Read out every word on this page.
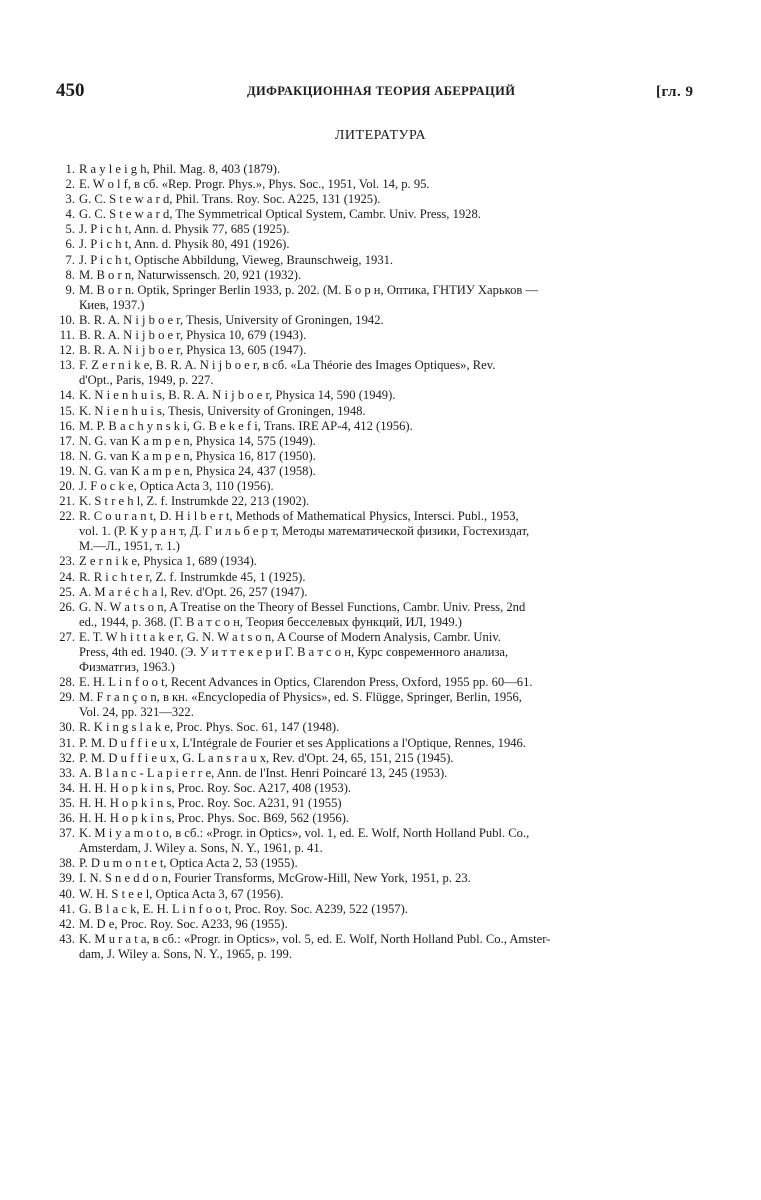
450	ДИФРАКЦИОННАЯ ТЕОРИЯ АБЕРРАЦИЙ	[гл. 9
ЛИТЕРАТУРА
1. R a y l e i g h, Phil. Mag. 8, 403 (1879).
2. E. W o l f, в сб. «Rep. Progr. Phys.», Phys. Soc., 1951, Vol. 14, p. 95.
3. G. C. S t e w a r d, Phil. Trans. Roy. Soc. A225, 131 (1925).
4. G. C. S t e w a r d, The Symmetrical Optical System, Cambr. Univ. Press, 1928.
5. J. P i c h t, Ann. d. Physik 77, 685 (1925).
6. J. P i c h t, Ann. d. Physik 80, 491 (1926).
7. J. P i c h t, Optische Abbildung, Vieweg, Braunschweig, 1931.
8. M. B o r n, Naturwissensch. 20, 921 (1932).
9. M. B o r n. Optik, Springer Berlin 1933, p. 202. (М. Б о р н, Оптика, ГНТИУ Харьков —
Киев, 1937.)
10. B. R. A. N i j b o e r, Thesis, University of Groningen, 1942.
11. B. R. A. N i j b o e r, Physica 10, 679 (1943).
12. B. R. A. N i j b o e r, Physica 13, 605 (1947).
13. F. Z e r n i k e, B. R. A. N i j b o e r, в сб. «La Théorie des Images Optiques», Rev.
d'Opt., Paris, 1949, p. 227.
14. K. N i e n h u i s, B. R. A. N i j b o e r, Physica 14, 590 (1949).
15. K. N i e n h u i s, Thesis, University of Groningen, 1948.
16. M. P. B a c h y n s k i, G. B e k e f i, Trans. IRE AP-4, 412 (1956).
17. N. G. van K a m p e n, Physica 14, 575 (1949).
18. N. G. van K a m p e n, Physica 16, 817 (1950).
19. N. G. van K a m p e n, Physica 24, 437 (1958).
20. J. F o c k e, Optica Acta 3, 110 (1956).
21. K. S t r e h l, Z. f. Instrumkde 22, 213 (1902).
22. R. C o u r a n t, D. H i l b e r t, Methods of Mathematical Physics, Intersci. Publ., 1953,
vol. 1. (Р. К у р а н т, Д. Г и л ь б е р т, Методы математической физики, Гостехиздат,
М.—Л., 1951, т. 1.)
23. Z e r n i k e, Physica 1, 689 (1934).
24. R. R i c h t e r, Z. f. Instrumkde 45, 1 (1925).
25. A. M a r é c h a l, Rev. d'Opt. 26, 257 (1947).
26. G. N. W a t s o n, A Treatise on the Theory of Bessel Functions, Cambr. Univ. Press, 2nd
ed., 1944, p. 368. (Г. В а т с о н, Теория бесселевых функций, ИЛ, 1949.)
27. E. T. W h i t t a k e r, G. N. W a t s o n, A Course of Modern Analysis, Cambr. Univ.
Press, 4th ed. 1940. (Э. У и т т е к е р и Г. В а т с о н, Курс современного анализа,
Физматгиз, 1963.)
28. E. H. L i n f o o t, Recent Advances in Optics, Clarendon Press, Oxford, 1955 pp. 60—61.
29. M. F r a n ç o n, в кн. «Encyclopedia of Physics», ed. S. Flügge, Springer, Berlin, 1956,
Vol. 24, pp. 321—322.
30. R. K i n g s l a k e, Proc. Phys. Soc. 61, 147 (1948).
31. P. M. D u f f i e u x, L'Intégrale de Fourier et ses Applications a l'Optique, Rennes, 1946.
32. P. M. D u f f i e u x, G. L a n s r a u x, Rev. d'Opt. 24, 65, 151, 215 (1945).
33. A. B l a n c - L a p i e r r e, Ann. de l'Inst. Henri Poincaré 13, 245 (1953).
34. H. H. H o p k i n s, Proc. Roy. Soc. A217, 408 (1953).
35. H. H. H o p k i n s, Proc. Roy. Soc. A231, 91 (1955)
36. H. H. H o p k i n s, Proc. Phys. Soc. B69, 562 (1956).
37. K. M i y a m o t o, в сб.: «Progr. in Optics», vol. 1, ed. E. Wolf, North Holland Publ. Co.,
Amsterdam, J. Wiley a. Sons, N. Y., 1961, p. 41.
38. P. D u m o n t e t, Optica Acta 2, 53 (1955).
39. I. N. S n e d d o n, Fourier Transforms, McGrow-Hill, New York, 1951, p. 23.
40. W. H. S t e e l, Optica Acta 3, 67 (1956).
41. G. B l a c k, E. H. L i n f o o t, Proc. Roy. Soc. A239, 522 (1957).
42. M. D e, Proc. Roy. Soc. A233, 96 (1955).
43. K. M u r a t a, в сб.: «Progr. in Optics», vol. 5, ed. E. Wolf, North Holland Publ. Co., Amster-
dam, J. Wiley a. Sons, N. Y., 1965, p. 199.
